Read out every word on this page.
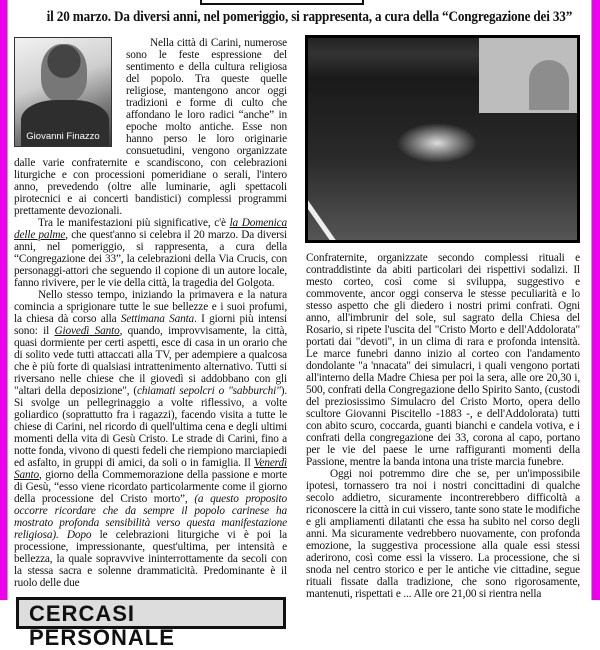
il 20 marzo. Da diversi anni, nel pomeriggio, si rappresenta, a cura della “Congregazione dei 33”
Giovanni Finazzo

Nella città di Carini, numerose sono le feste espressione del sentimento e della cultura religiosa del popolo. Tra queste quelle religiose, mantengono ancor oggi tradizioni e forme di culto che affondano le loro radici “anche” in epoche molto antiche. Esse non hanno perso le loro originarie consuetudini, vengono organizzate dalle varie confraternite e scandiscono, con celebrazioni liturgiche e con processioni pomeridiane o serali, l'intero anno, prevedendo (oltre alle luminarie, agli spettacoli pirotecnici e ai concerti bandistici) complessi programmi prettamente devozionali.

Tra le manifestazioni più significative, c'è la Domenica delle palme, che quest'anno si celebra il 20 marzo. Da diversi anni, nel pomeriggio, si rappresenta, a cura della “Congregazione dei 33”, la celebrazioni della Via Crucis, con personaggi-attori che seguendo il copione di un autore locale, fanno rivivere, per le vie della città, la tragedia del Golgota.

Nello stesso tempo, iniziando la primavera e la natura comincia a sprigionare tutte le sue bellezze e i suoi profumi, la chiesa dà corso alla Settimana Santa. I giorni più intensi sono: il Giovedì Santo, quando, improvvisamente, la città, quasi dormiente per certi aspetti, esce di casa in un orario che di solito vede tutti attaccati alla TV, per adempiere a qualcosa che è più forte di qualsiasi intrattenimento alternativo. Tutti si riversano nelle chiese che il giovedì si addobbano con gli "altari della deposizione", (chiamati sepolcri o "sabburchi"). Si svolge un pellegrinaggio a volte riflessivo, a volte goliardico (soprattutto fra i ragazzi), facendo visita a tutte le chiese di Carini, nel ricordo di quell'ultima cena e degli ultimi momenti della vita di Gesù Cristo. Le strade di Carini, fino a notte fonda, vivono di questi fedeli che riempiono marciapiedi ed asfalto, in gruppi di amici, da soli o in famiglia. Il Venerdì Santo, giorno della Commemorazione della passione e morte di Gesù, “esso viene ricordato particolarmente come il giorno della processione del Cristo morto”, (a questo proposito occorre ricordare che da sempre il popolo carinese ha mostrato profonda sensibilità verso questa manifestazione religiosa). Dopo le celebrazioni liturgiche vi è poi la processione, impressionante, quest'ultima, per intensità e bellezza, la quale sopravvive ininterrottamente da secoli con la stessa sacra e solenne drammaticità. Predominante è il ruolo delle due

CERCASI PERSONALE

Confraternite, organizzate secondo complessi rituali e contraddistinte da abiti particolari dei rispettivi sodalizi. Il mesto corteo, così come si sviluppa, suggestivo e commovente, ancor oggi conserva le stesse peculiarità e lo stesso aspetto che gli diedero i nostri primi confrati. Ogni anno, all'imbrunir del sole, sul sagrato della Chiesa del Rosario, si ripete l'uscita del "Cristo Morto e dell'Addolorata" portati dai "devoti", in un clima di rara e profonda intensità. Le marce funebri danno inizio al corteo con l'andamento dondolante "a 'nnacata" dei simulacri, i quali vengono portati all'interno della Madre Chiesa per poi la sera, alle ore 20,30 i, 500, confrati della Congregazione dello Spirito Santo, (custodi del preziosissimo Simulacro del Cristo Morto, opera dello scultore Giovanni Piscitello -1883 -, e dell'Addolorata) tutti con abito scuro, coccarda, guanti bianchi e candela votiva, e i confrati della congregazione dei 33, corona al capo, portano per le vie del paese le urne raffiguranti momenti della Passione, mentre la banda intona una triste marcia funebre.

Oggi noi potremmo dire che se, per un'impossibile ipotesi, tornassero tra noi i nostri concittadini di qualche secolo addietro, sicuramente incontrerebbero difficoltà a riconoscere la città in cui vissero, tante sono state le modifiche e gli ampliamenti dilatanti che essa ha subito nel corso degli anni. Ma sicuramente vedrebbero nuovamente, con profonda emozione, la suggestiva processione alla quale essi stessi aderirono, così come essi la vissero. La processione, che si snoda nel centro storico e per le antiche vie cittadine, segue rituali fissate dalla tradizione, che sono rigorosamente, mantenuti, rispettati e ... Alle ore 21,00 si rientra nella
